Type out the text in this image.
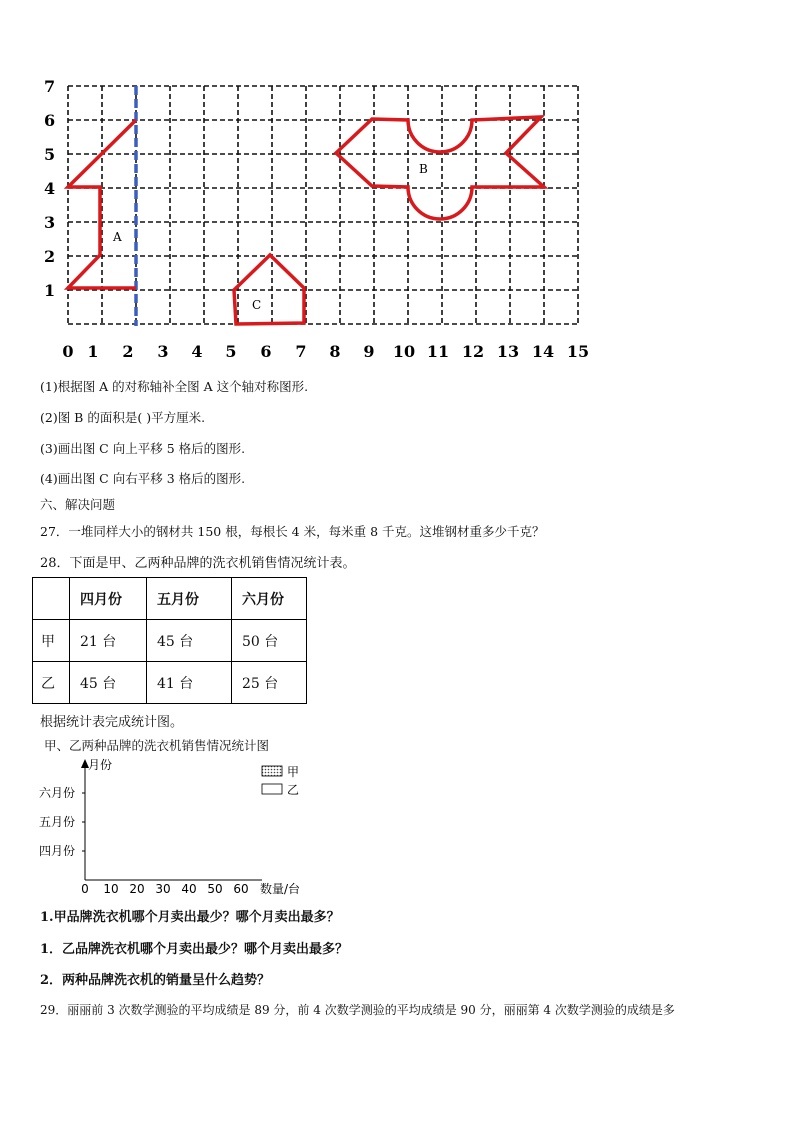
1
2
3
4
5
6
7
0 1 2 3 4 5 6 7 8 9 10 11 12 13 14 15
A
B
C
(1)根据图 A 的对称轴补全图 A 这个轴对称图形.
(2)图 B 的面积是( )平方厘米.
(3)画出图 C 向上平移 5 格后的图形.
(4)画出图 C 向右平移 3 格后的图形.
六、解决问题
27．一堆同样大小的钢材共 150 根，每根长 4 米，每米重 8 千克。这堆钢材重多少千克？
28．下面是甲、乙两种品牌的洗衣机销售情况统计表。
	四月份	五月份	六月份
甲	21 台	45 台	50 台
乙	45 台	41 台	25 台
根据统计表完成统计图。
甲、乙两种品牌的洗衣机销售情况统计图
月份
数量/台
六月份
五月份
四月份
0 10 20 30 40 50 60
甲
乙
1.甲品牌洗衣机哪个月卖出最少？哪个月卖出最多？
1．乙品牌洗衣机哪个月卖出最少？哪个月卖出最多？
2．两种品牌洗衣机的销量呈什么趋势？
29．丽丽前 3 次数学测验的平均成绩是 89 分，前 4 次数学测验的平均成绩是 90 分，丽丽第 4 次数学测验的成绩是多
